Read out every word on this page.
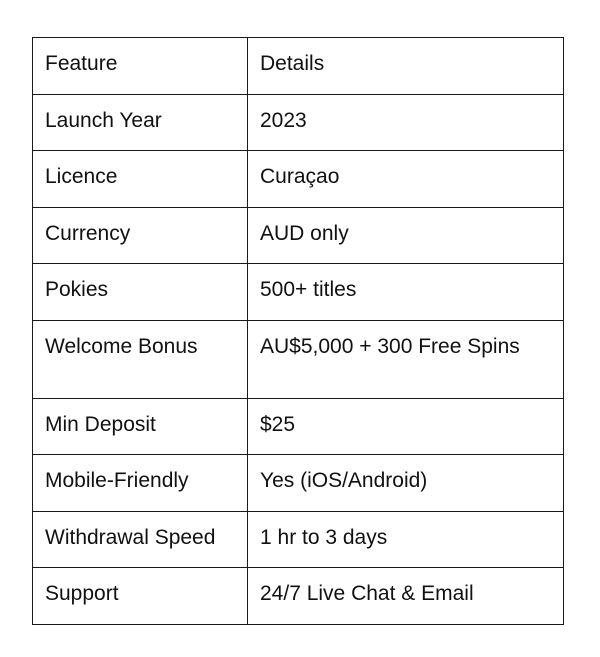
Feature	Details
Launch Year	2023
Licence	Curaçao
Currency	AUD only
Pokies	500+ titles
Welcome Bonus	AU$5,000 + 300 Free Spins
Min Deposit	$25
Mobile-Friendly	Yes (iOS/Android)
Withdrawal Speed	1 hr to 3 days
Support	24/7 Live Chat & Email
